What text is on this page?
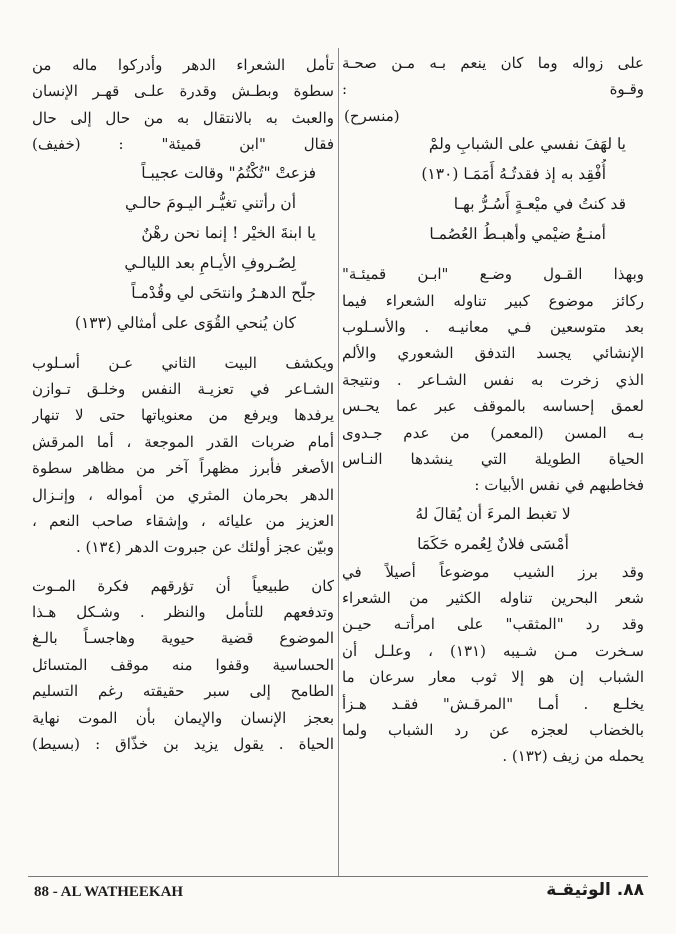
على زواله وما كان ينعم بـه مـن صحـة
وقـوة :
(منسرح)
يا لهَفَ نفسي على الشبابِ ولمْ
أُفْقِد به إذ فقدتُـهُ أَمَمَـا (١٣٠)
قد كنتُ في ميْعـةٍ أَسُـرُّ بهـا
أمنـعُ ضيْمي وأهبـطُ العُصُمـا
وبهذا القـول وضـع "ابـن قميئـة"
ركائز موضوع كبير تناوله الشعراء فيما
بعد متوسعين فـي معانيـه . والأسـلوب
الإنشائي يجسد التدفق الشعوري والألم
الذي زخرت به نفس الشـاعر . ونتيجة
لعمق إحساسه بالموقف عبر عما يحـس
بـه المسن (المعمر) من عدم جـدوى
الحياة الطويلة التي ينشدها النـاس
فخاطبهم في نفس الأبيات :
لا تغبط المرءَ أن يُقالَ لهُ
أمْسَى فلانٌ لِعُمره حَكَمَا
وقد برز الشيب موضوعاً أصيلاً في
شعر البحرين تناوله الكثير من الشعراء
وقد رد "المثقب" على امرأتـه حيـن
سـخرت مـن شـيبه (١٣١) ، وعلـل أن
الشباب إن هو إلا ثوب معار سرعان ما
يخلـع . أمـا "المرقـش" فقـد هـزأ
بالخضاب لعجزه عن رد الشباب ولما
يحمله من زيف (١٣٢) .
تأمل الشعراء الدهر وأدركوا ماله من
سطوة وبطـش وقدرة علـى قهـر الإنسان
والعبث به بالانتقال به من حال إلى حال
فقال "ابن قميئة" : (خفيف)
فزعتْ "تُكْتُمُ" وقالت عجيبـاً
أن رأتني تغيُّـر اليـومَ حالـي
يا ابنةَ الخيْر ! إنما نحن رهْنٌ
لِصُـروفِ الأيـامِ بعد الليالـي
جلّح الدهـرُ وانتحَى لي وقُدْمـاً
كان يُنحي القُوَى على أمثالي (١٣٣)
ويكشف البيت الثاني عـن أسـلوب
الشـاعر في تعزيـة النفس وخلـق تـوازن
يرفدها ويرفع من معنوياتها حتى لا تنهار
أمام ضربات القدر الموجعة ، أما المرقش
الأصغر فأبرز مظهراً آخر من مظاهر سطوة
الدهر بحرمان المثري من أمواله ، وإنـزال
العزيز من عليائه ، وإشقاء صاحب النعم ،
وبيّن عجز أولئك عن جبروت الدهر (١٣٤) .
كان طبيعياً أن تؤرقهم فكرة المـوت
وتدفعهم للتأمل والنظر . وشـكل هـذا
الموضوع قضية حيوية وهاجسـاً بالـغ
الحساسية وقفوا منه موقف المتسائل
الطامح إلى سبر حقيقته رغم التسليم
بعجز الإنسان والإيمان بأن الموت نهاية
الحياة . يقول يزيد بن خذّاق : (بسيط)
88 - AL WATHEEKAH	٨٨. الوثيقـة
